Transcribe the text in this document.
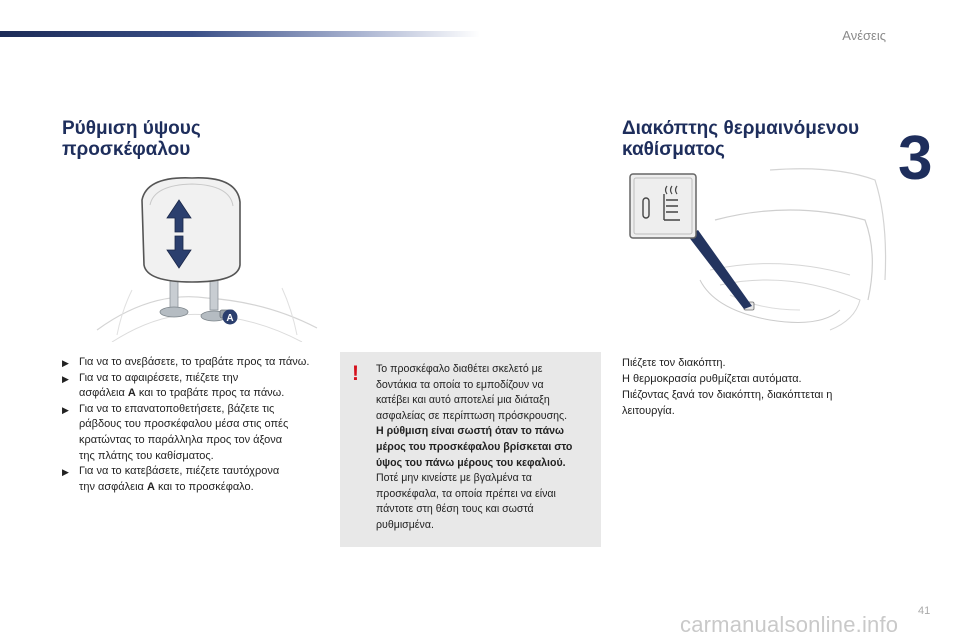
Ανέσεις
3
Ρύθμιση ύψους
προσκέφαλου
A
▶ Για να το ανεβάσετε, το τραβάτε προς τα πάνω.
▶ Για να το αφαιρέσετε, πιέζετε την
ασφάλεια A και το τραβάτε προς τα πάνω.
▶ Για να το επανατοποθετήσετε, βάζετε τις
ράβδους του προσκέφαλου μέσα στις οπές
κρατώντας το παράλληλα προς τον άξονα
της πλάτης του καθίσματος.
▶ Για να το κατεβάσετε, πιέζετε ταυτόχρονα
την ασφάλεια A και το προσκέφαλο.
! Το προσκέφαλο διαθέτει σκελετό με
δοντάκια τα οποία το εμποδίζουν να
κατέβει και αυτό αποτελεί μια διάταξη
ασφαλείας σε περίπτωση πρόσκρουσης.
Η ρύθμιση είναι σωστή όταν το πάνω
μέρος του προσκέφαλου βρίσκεται στο
ύψος του πάνω μέρους του κεφαλιού.
Ποτέ μην κινείστε με βγαλμένα τα
προσκέφαλα, τα οποία πρέπει να είναι
πάντοτε στη θέση τους και σωστά
ρυθμισμένα.
Διακόπτης θερμαινόμενου
καθίσματος
Πιέζετε τον διακόπτη.
Η θερμοκρασία ρυθμίζεται αυτόματα.
Πιέζοντας ξανά τον διακόπτη, διακόπτεται η
λειτουργία.
41
carmanualsonline.info
